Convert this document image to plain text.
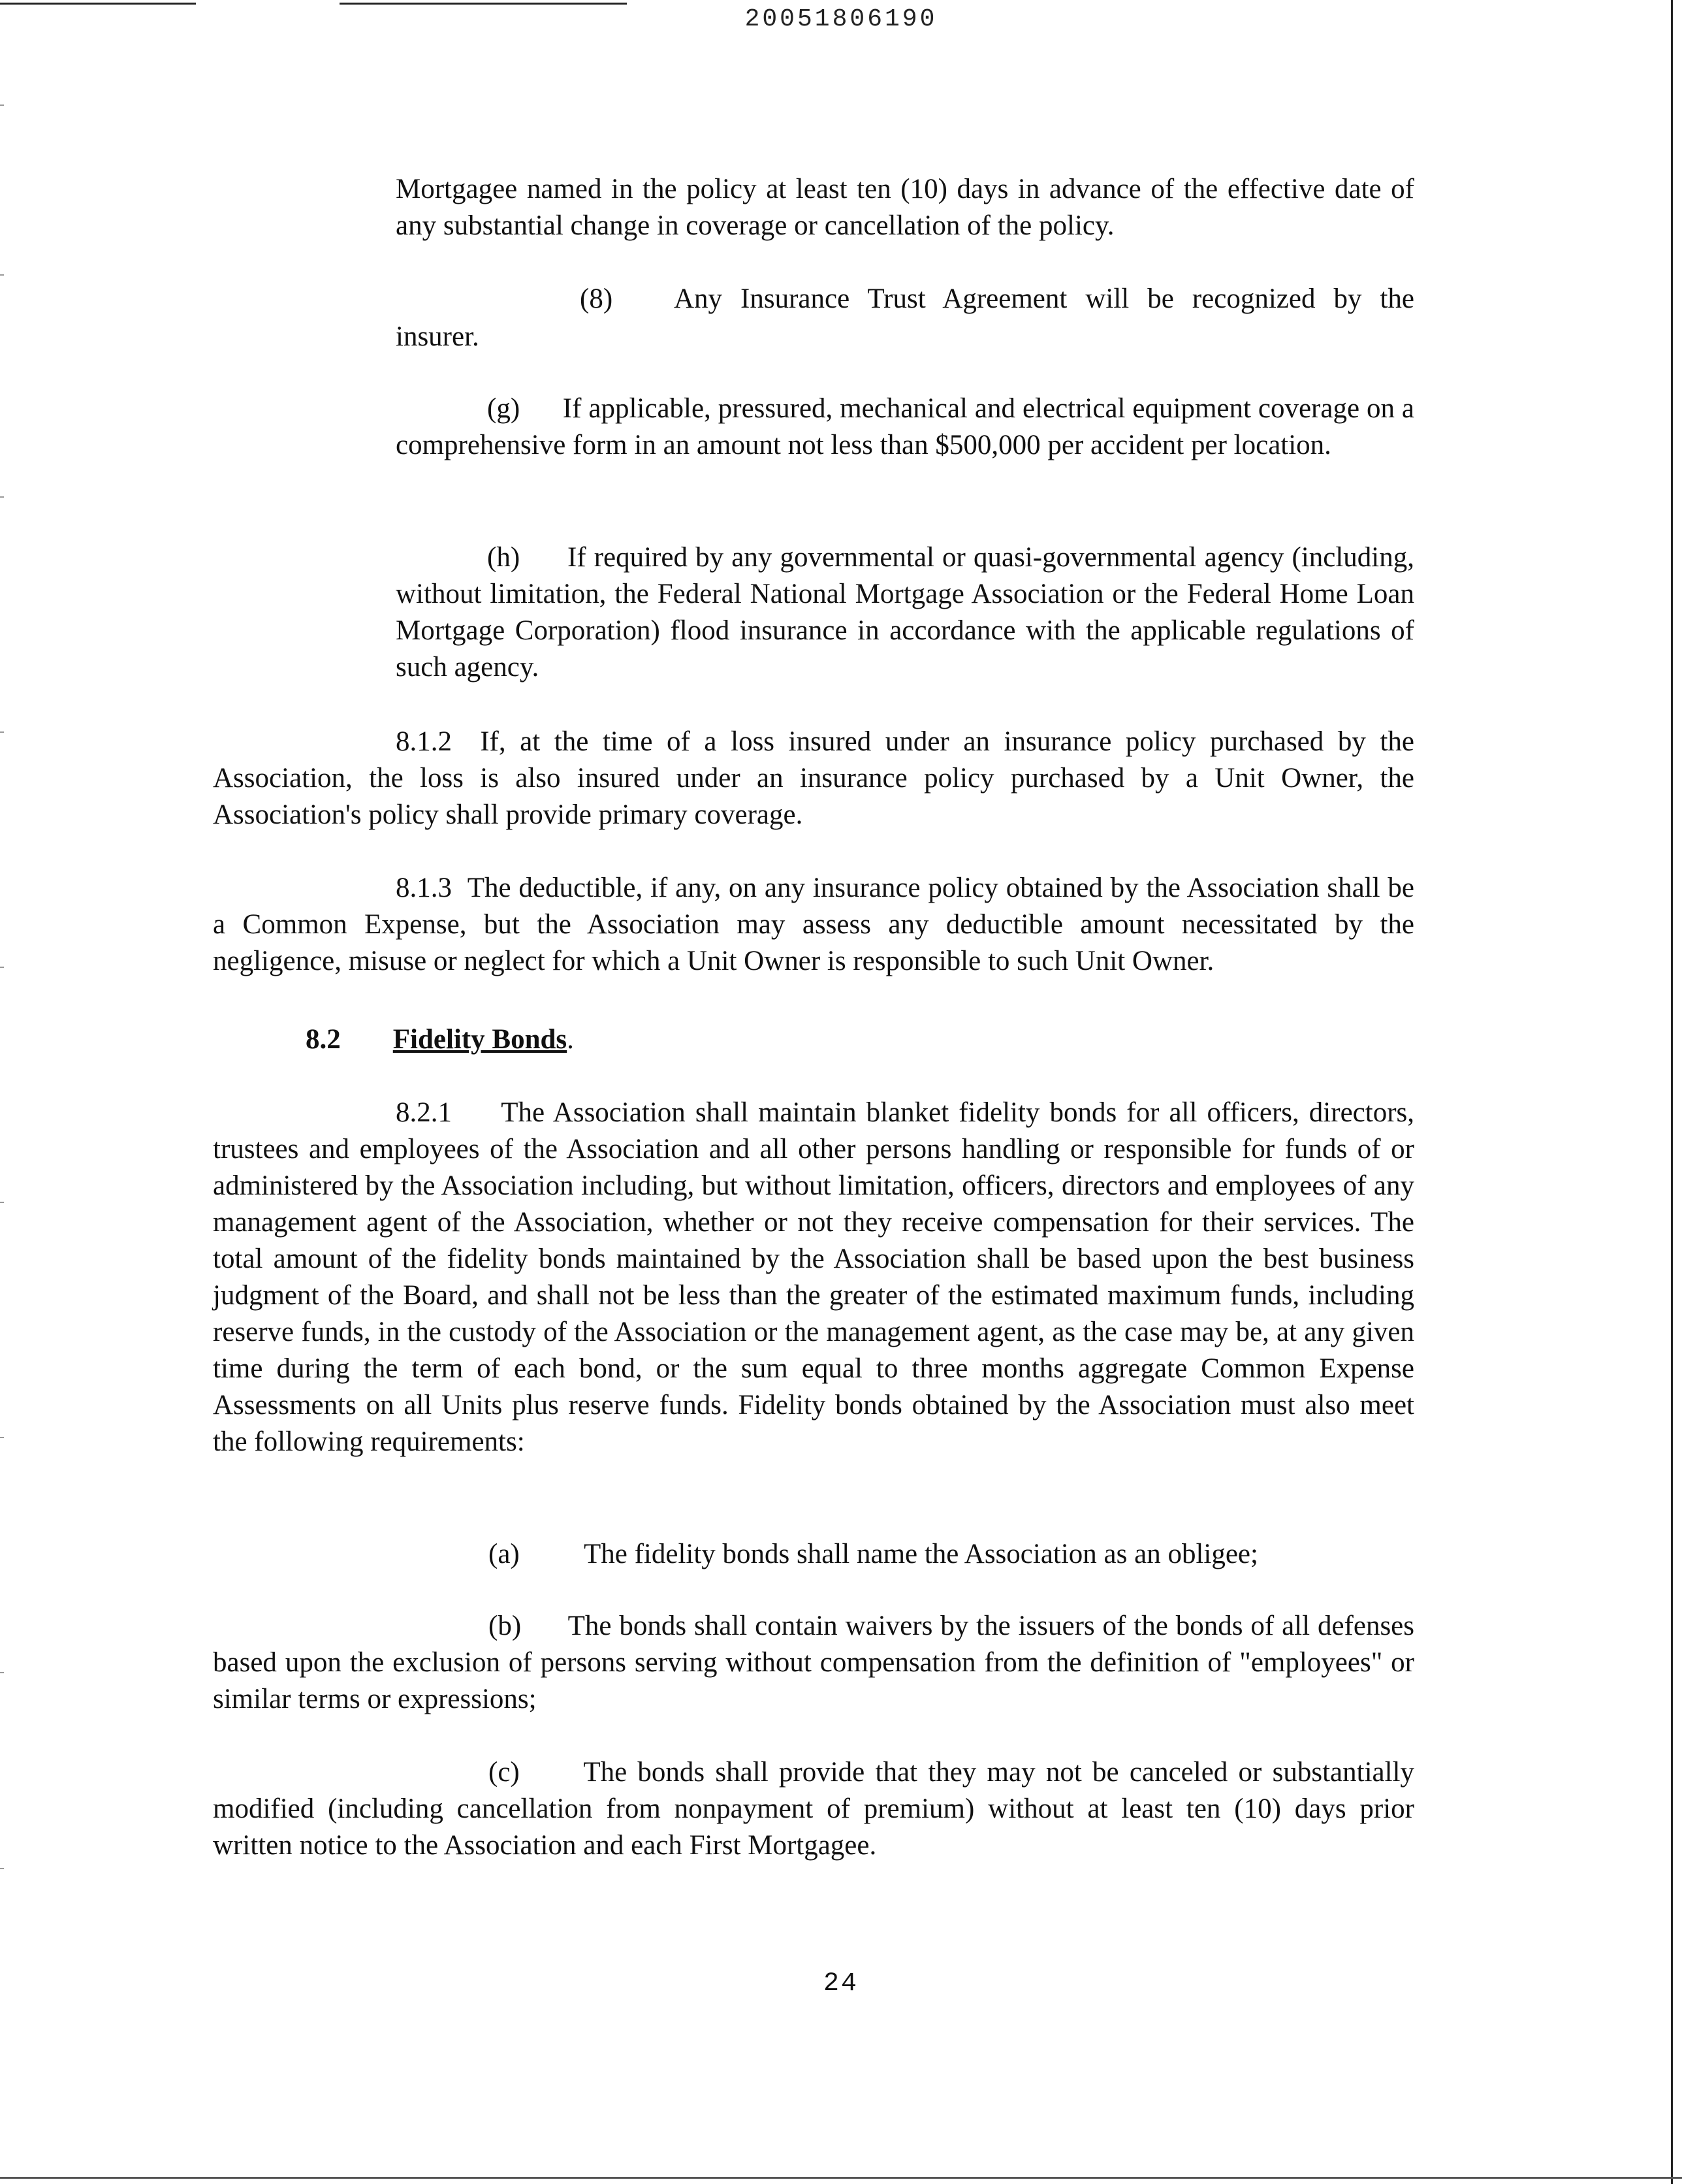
20051806190

Mortgagee named in the policy at least ten (10) days in advance of the effective date of any substantial change in coverage or cancellation of the policy.

(8) Any Insurance Trust Agreement will be recognized by the

insurer.

(g) If applicable, pressured, mechanical and electrical equipment coverage on a comprehensive form in an amount not less than $500,000 per accident per location.

(h) If required by any governmental or quasi-governmental agency (including, without limitation, the Federal National Mortgage Association or the Federal Home Loan Mortgage Corporation) flood insurance in accordance with the applicable regulations of such agency.

8.1.2 If, at the time of a loss insured under an insurance policy purchased by the Association, the loss is also insured under an insurance policy purchased by a Unit Owner, the Association's policy shall provide primary coverage.

8.1.3 The deductible, if any, on any insurance policy obtained by the Association shall be a Common Expense, but the Association may assess any deductible amount necessitated by the negligence, misuse or neglect for which a Unit Owner is responsible to such Unit Owner.

8.2 Fidelity Bonds.

8.2.1 The Association shall maintain blanket fidelity bonds for all officers, directors, trustees and employees of the Association and all other persons handling or responsible for funds of or administered by the Association including, but without limitation, officers, directors and employees of any management agent of the Association, whether or not they receive compensation for their services. The total amount of the fidelity bonds maintained by the Association shall be based upon the best business judgment of the Board, and shall not be less than the greater of the estimated maximum funds, including reserve funds, in the custody of the Association or the management agent, as the case may be, at any given time during the term of each bond, or the sum equal to three months aggregate Common Expense Assessments on all Units plus reserve funds. Fidelity bonds obtained by the Association must also meet the following requirements:

(a) The fidelity bonds shall name the Association as an obligee;

(b) The bonds shall contain waivers by the issuers of the bonds of all defenses based upon the exclusion of persons serving without compensation from the definition of "employees" or similar terms or expressions;

(c) The bonds shall provide that they may not be canceled or substantially modified (including cancellation from nonpayment of premium) without at least ten (10) days prior written notice to the Association and each First Mortgagee.

24
